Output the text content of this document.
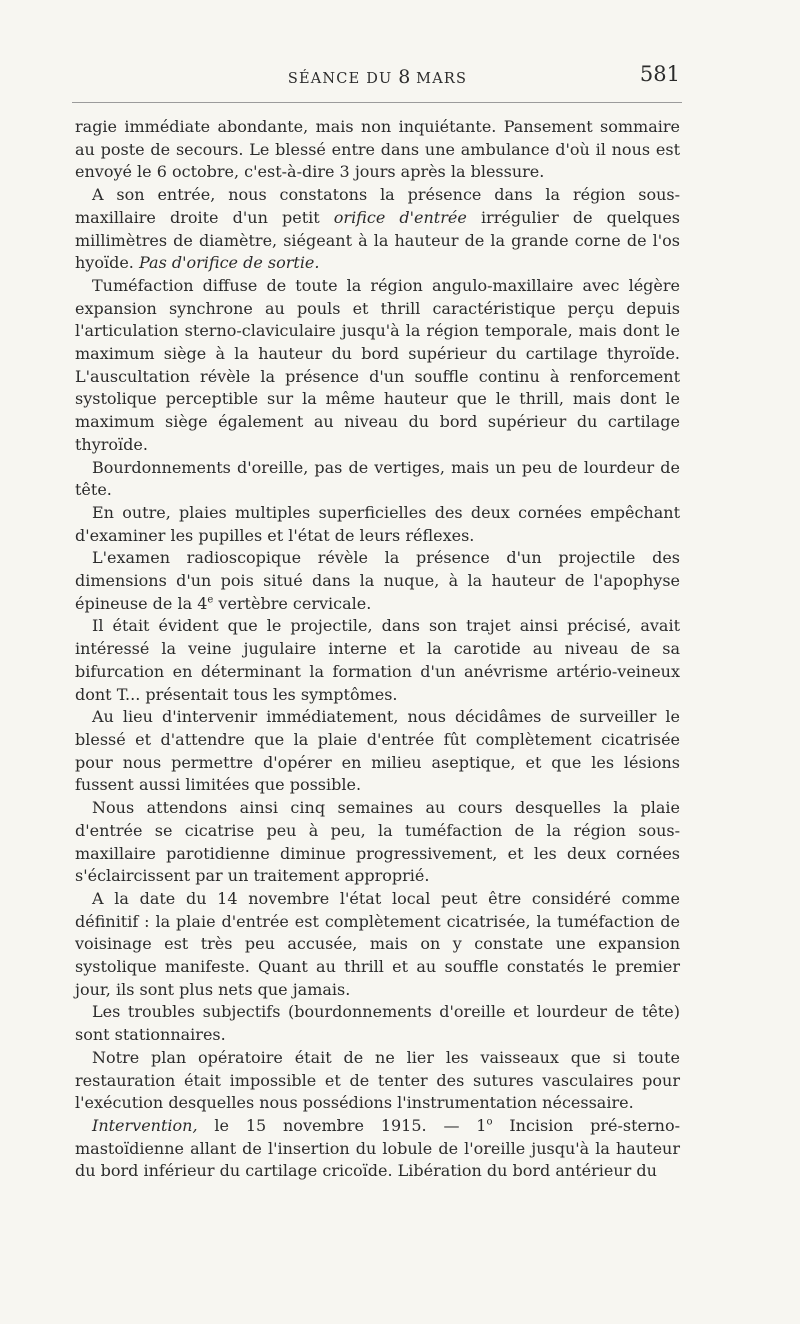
SÉANCE DU 8 MARS	581

ragie immédiate abondante, mais non inquiétante. Pansement sommaire au poste de secours. Le blessé entre dans une ambulance d'où il nous est envoyé le 6 octobre, c'est-à-dire 3 jours après la blessure.

A son entrée, nous constatons la présence dans la région sous-maxillaire droite d'un petit orifice d'entrée irrégulier de quelques millimètres de diamètre, siégeant à la hauteur de la grande corne de l'os hyoïde. Pas d'orifice de sortie.

Tuméfaction diffuse de toute la région angulo-maxillaire avec légère expansion synchrone au pouls et thrill caractéristique perçu depuis l'articulation sterno-claviculaire jusqu'à la région temporale, mais dont le maximum siège à la hauteur du bord supérieur du cartilage thyroïde. L'auscultation révèle la présence d'un souffle continu à renforcement systolique perceptible sur la même hauteur que le thrill, mais dont le maximum siège également au niveau du bord supérieur du cartilage thyroïde.

Bourdonnements d'oreille, pas de vertiges, mais un peu de lourdeur de tête.

En outre, plaies multiples superficielles des deux cornées empêchant d'examiner les pupilles et l'état de leurs réflexes.

L'examen radioscopique révèle la présence d'un projectile des dimensions d'un pois situé dans la nuque, à la hauteur de l'apophyse épineuse de la 4e vertèbre cervicale.

Il était évident que le projectile, dans son trajet ainsi précisé, avait intéressé la veine jugulaire interne et la carotide au niveau de sa bifurcation en déterminant la formation d'un anévrisme artério-veineux dont T... présentait tous les symptômes.

Au lieu d'intervenir immédiatement, nous décidâmes de surveiller le blessé et d'attendre que la plaie d'entrée fût complètement cicatrisée pour nous permettre d'opérer en milieu aseptique, et que les lésions fussent aussi limitées que possible.

Nous attendons ainsi cinq semaines au cours desquelles la plaie d'entrée se cicatrise peu à peu, la tuméfaction de la région sous-maxillaire parotidienne diminue progressivement, et les deux cornées s'éclaircissent par un traitement approprié.

A la date du 14 novembre l'état local peut être considéré comme définitif : la plaie d'entrée est complètement cicatrisée, la tuméfaction de voisinage est très peu accusée, mais on y constate une expansion systolique manifeste. Quant au thrill et au souffle constatés le premier jour, ils sont plus nets que jamais.

Les troubles subjectifs (bourdonnements d'oreille et lourdeur de tête) sont stationnaires.

Notre plan opératoire était de ne lier les vaisseaux que si toute restauration était impossible et de tenter des sutures vasculaires pour l'exécution desquelles nous possédions l'instrumentation nécessaire.

Intervention, le 15 novembre 1915. — 1$^o$ Incision pré-sterno-mastoïdienne allant de l'insertion du lobule de l'oreille jusqu'à la hauteur du bord inférieur du cartilage cricoïde. Libération du bord antérieur du
